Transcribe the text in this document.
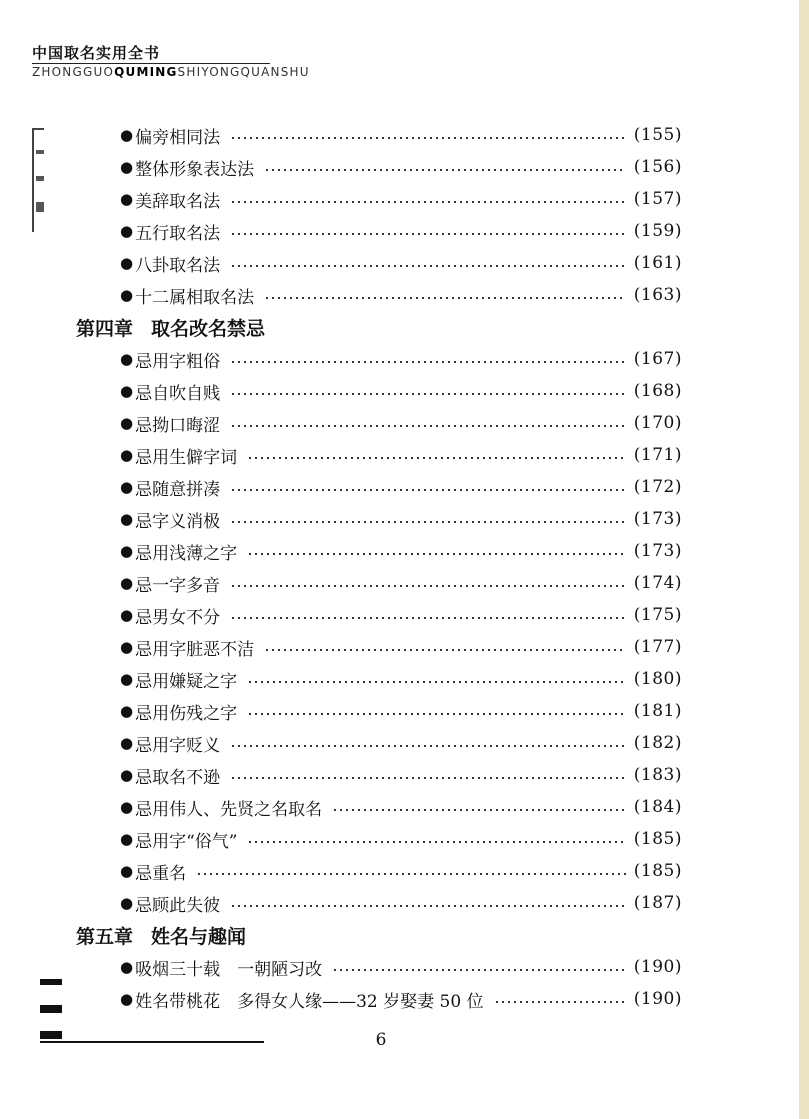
中国取名实用全书
ZHONGGUOQUMINGSHIYONGQUANSHU
● 偏旁相同法	(155)
● 整体形象表达法	(156)
● 美辞取名法	(157)
● 五行取名法	(159)
● 八卦取名法	(161)
● 十二属相取名法	(163)
第四章 取名改名禁忌
● 忌用字粗俗	(167)
● 忌自吹自贱	(168)
● 忌拗口晦涩	(170)
● 忌用生僻字词	(171)
● 忌随意拼凑	(172)
● 忌字义消极	(173)
● 忌用浅薄之字	(173)
● 忌一字多音	(174)
● 忌男女不分	(175)
● 忌用字脏恶不洁	(177)
● 忌用嫌疑之字	(180)
● 忌用伤残之字	(181)
● 忌用字贬义	(182)
● 忌取名不逊	(183)
● 忌用伟人、先贤之名取名	(184)
● 忌用字“俗气”	(185)
● 忌重名	(185)
● 忌顾此失彼	(187)
第五章 姓名与趣闻
● 吸烟三十载　一朝陋习改	(190)
● 姓名带桃花　多得女人缘——32 岁娶妻 50 位	(190)
6
